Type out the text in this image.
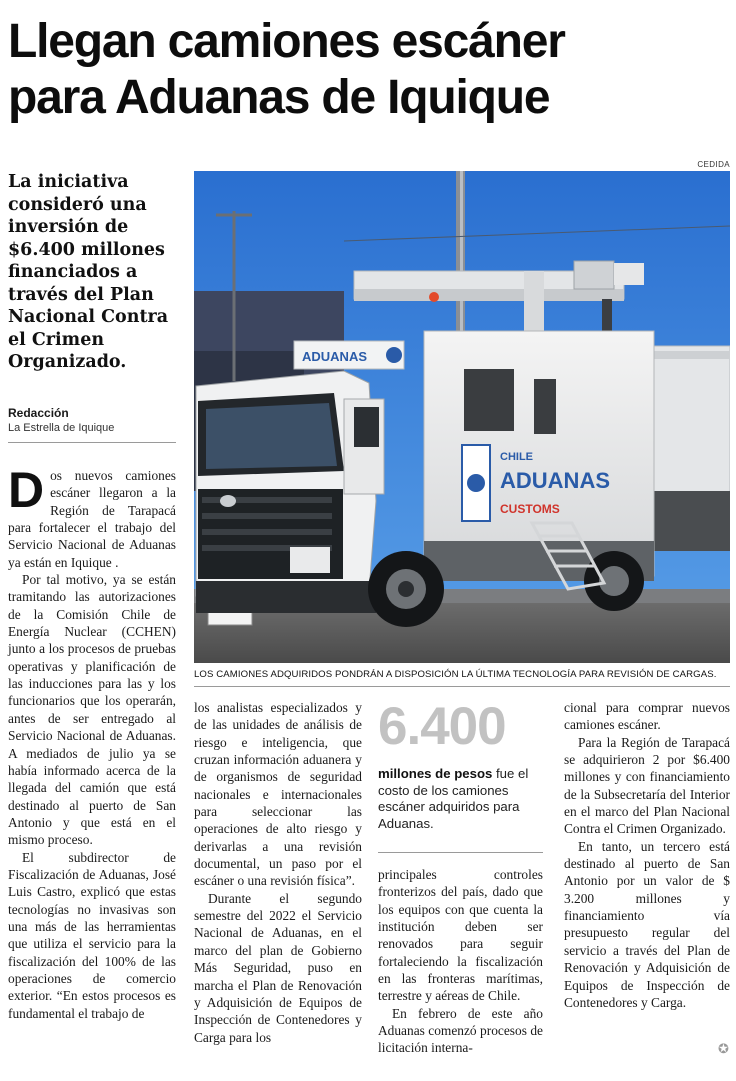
Llegan camiones escáner
para Aduanas de Iquique
CEDIDA
La iniciativa consideró una inversión de $6.400 millones financiados a través del Plan Nacional Contra el Crimen Organizado.
Redacción
La Estrella de Iquique
CHILE
ADUANAS
CUSTOMS
ADUANAS
LOS CAMIONES ADQUIRIDOS PONDRÁN A DISPOSICIÓN LA ÚLTIMA TECNOLOGÍA PARA REVISIÓN DE CARGAS.

Dos nuevos camiones escáner llegaron a la Región de Tarapacá para fortalecer el trabajo del Servicio Nacional de Aduanas ya están en Iquique .

Por tal motivo, ya se están tramitando las autorizaciones de la Comisión Chile de Energía Nuclear (CCHEN) junto a los procesos de pruebas operativas y planificación de las inducciones para las y los funcionarios que los operarán, antes de ser entregado al Servicio Nacional de Aduanas. A mediados de julio ya se había informado acerca de la llegada del camión que está destinado al puerto de San Antonio y que está en el mismo proceso.

El subdirector de Fiscalización de Aduanas, José Luis Castro, explicó que estas tecnologías no invasivas son una más de las herramientas que utiliza el servicio para la fiscalización del 100% de las operaciones de comercio exterior. “En estos procesos es fundamental el trabajo de

los analistas especializados y de las unidades de análisis de riesgo e inteligencia, que cruzan información aduanera y de organismos de seguridad nacionales e internacionales para seleccionar las operaciones de alto riesgo y derivarlas a una revisión documental, un paso por el escáner o una revisión física”.

Durante el segundo semestre del 2022 el Servicio Nacional de Aduanas, en el marco del plan de Gobierno Más Seguridad, puso en marcha el Plan de Renovación y Adquisición de Equipos de Inspección de Contenedores y Carga para los

6.400
millones de pesos fue el costo de los camiones escáner adquiridos para Aduanas.

principales controles fronterizos del país, dado que los equipos con que cuenta la institución deben ser renovados para seguir fortaleciendo la fiscalización en las fronteras marítimas, terrestre y aéreas de Chile.

En febrero de este año Aduanas comenzó procesos de licitación interna-

cional para comprar nuevos camiones escáner.

Para la Región de Tarapacá se adquirieron 2 por $6.400 millones y con financiamiento de la Subsecretaría del Interior en el marco del Plan Nacional Contra el Crimen Organizado.

En tanto, un tercero está destinado al puerto de San Antonio por un valor de $ 3.200 millones y financiamiento vía presupuesto regular del servicio a través del Plan de Renovación y Adquisición de Equipos de Inspección de Contenedores y Carga.

✪
